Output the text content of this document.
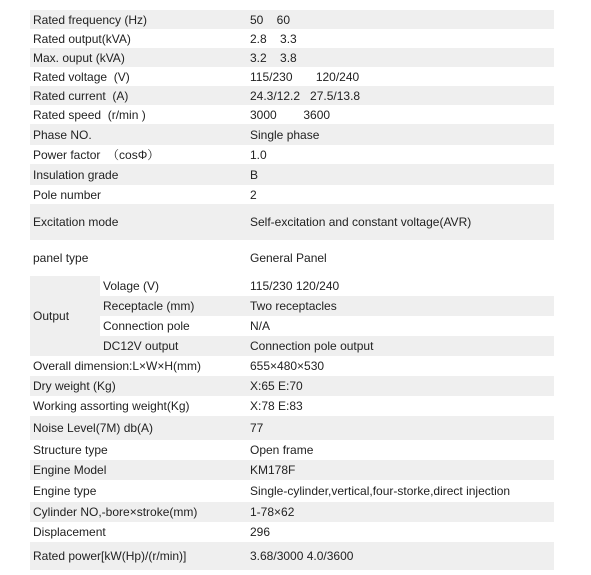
Rated frequency (Hz)	50    60
Rated output(kVA)	2.8    3.3
Max. ouput (kVA)	3.2    3.8
Rated voltage  (V)	115/230       120/240
Rated current  (A)	24.3/12.2   27.5/13.8
Rated speed  (r/min )	3000        3600
Phase NO.	Single phase
Power factor  （cosΦ）	1.0
Insulation grade	B
Pole number	2
Excitation mode	Self-excitation and constant voltage(AVR)
panel type	General Panel
Output
Volage (V)	115/230 120/240
Receptacle (mm)	Two receptacles
Connection pole	N/A
DC12V output	Connection pole output
Overall dimension:L×W×H(mm)	655×480×530
Dry weight (Kg)	X:65 E:70
Working assorting weight(Kg)	X:78 E:83
Noise Level(7M) db(A)	77
Structure type	Open frame
Engine Model	KM178F
Engine type	Single-cylinder,vertical,four-storke,direct injection
Cylinder NO,-bore×stroke(mm)	1-78×62
Displacement	296
Rated power[kW(Hp)/(r/min)]	3.68/3000 4.0/3600
